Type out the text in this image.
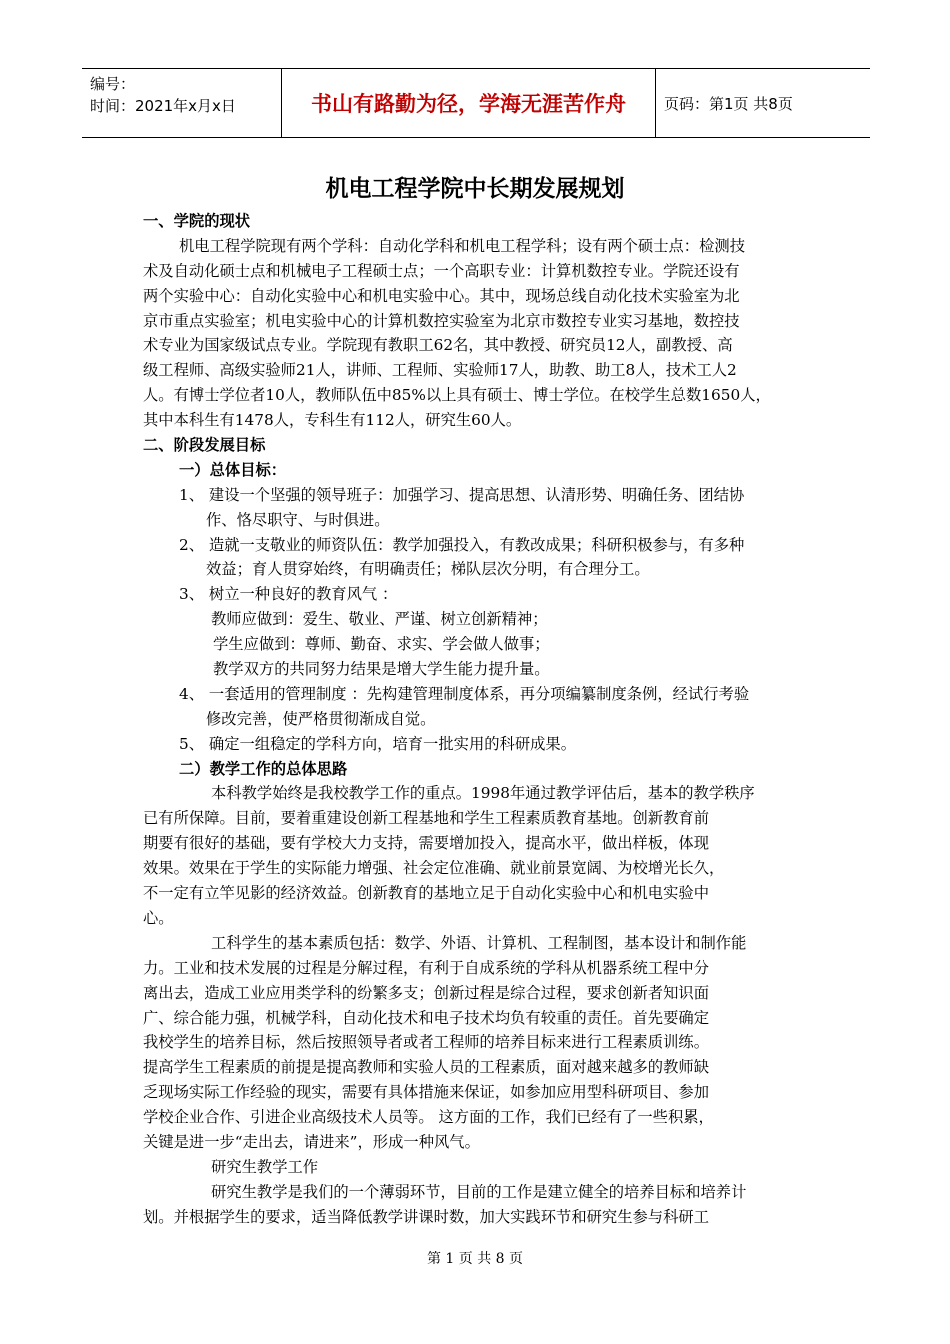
编号：
时间：2021年x月x日	书山有路勤为径，学海无涯苦作舟	页码：第1页 共8页
机电工程学院中长期发展规划
一、学院的现状
机电工程学院现有两个学科：自动化学科和机电工程学科；设有两个硕士点：检测技
术及自动化硕士点和机械电子工程硕士点；一个高职专业：计算机数控专业。学院还设有
两个实验中心：自动化实验中心和机电实验中心。其中，现场总线自动化技术实验室为北
京市重点实验室；机电实验中心的计算机数控实验室为北京市数控专业实习基地，数控技
术专业为国家级试点专业。学院现有教职工62名，其中教授、研究员12人，副教授、高
级工程师、高级实验师21人，讲师、工程师、实验师17人，助教、助工8人，技术工人2
人。有博士学位者10人，教师队伍中85%以上具有硕士、博士学位。在校学生总数1650人，
其中本科生有1478人，专科生有112人，研究生60人。
二、阶段发展目标
一）总体目标：
1、 建设一个坚强的领导班子：加强学习、提高思想、认清形势、明确任务、团结协
作、恪尽职守、与时俱进。
2、 造就一支敬业的师资队伍：教学加强投入，有教改成果；科研积极参与，有多种
效益；育人贯穿始终，有明确责任；梯队层次分明，有合理分工。
3、 树立一种良好的教育风气 ：
教师应做到：爱生、敬业、严谨、树立创新精神；
学生应做到：尊师、勤奋、求实、学会做人做事；
教学双方的共同努力结果是增大学生能力提升量。
4、 一套适用的管理制度 ：先构建管理制度体系，再分项编纂制度条例，经试行考验
修改完善，使严格贯彻渐成自觉。
5、 确定一组稳定的学科方向，培育一批实用的科研成果。
二）教学工作的总体思路
本科教学始终是我校教学工作的重点。1998年通过教学评估后，基本的教学秩序
已有所保障。目前，要着重建设创新工程基地和学生工程素质教育基地。创新教育前
期要有很好的基础，要有学校大力支持，需要增加投入，提高水平，做出样板，体现
效果。效果在于学生的实际能力增强、社会定位准确、就业前景宽阔、为校增光长久，
不一定有立竿见影的经济效益。创新教育的基地立足于自动化实验中心和机电实验中
心。
工科学生的基本素质包括：数学、外语、计算机、工程制图，基本设计和制作能
力。工业和技术发展的过程是分解过程，有利于自成系统的学科从机器系统工程中分
离出去，造成工业应用类学科的纷繁多支；创新过程是综合过程，要求创新者知识面
广、综合能力强，机械学科，自动化技术和电子技术均负有较重的责任。首先要确定
我校学生的培养目标，然后按照领导者或者工程师的培养目标来进行工程素质训练。
提高学生工程素质的前提是提高教师和实验人员的工程素质，面对越来越多的教师缺
乏现场实际工作经验的现实，需要有具体措施来保证，如参加应用型科研项目、参加
学校企业合作、引进企业高级技术人员等。 这方面的工作，我们已经有了一些积累，
关键是进一步“走出去，请进来”，形成一种风气。
研究生教学工作
研究生教学是我们的一个薄弱环节，目前的工作是建立健全的培养目标和培养计
划。并根据学生的要求，适当降低教学讲课时数，加大实践环节和研究生参与科研工
第 1 页 共 8 页
